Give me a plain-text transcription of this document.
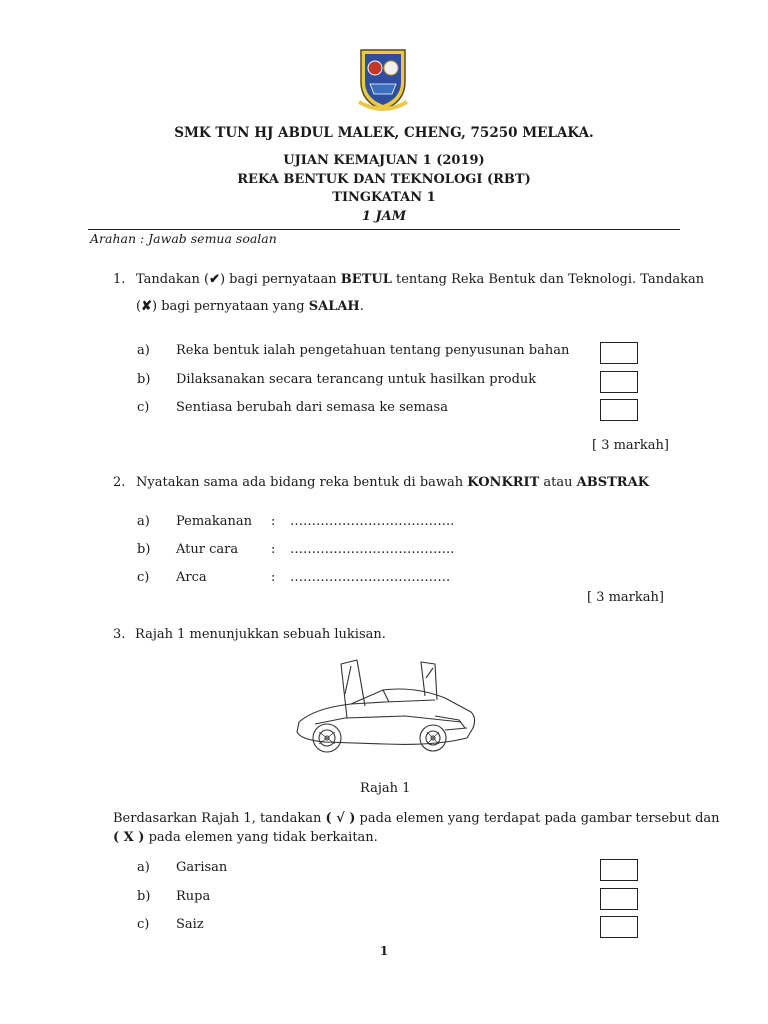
SMK TUN HJ ABDUL MALEK, CHENG, 75250 MELAKA.
UJIAN KEMAJUAN 1 (2019)
REKA BENTUK DAN TEKNOLOGI (RBT)
TINGKATAN 1
1 JAM
Arahan : Jawab semua soalan
1. Tandakan (✔) bagi pernyataan BETUL tentang Reka Bentuk dan Teknologi. Tandakan
(✘) bagi pernyataan yang SALAH.
a) Reka bentuk ialah pengetahuan tentang penyusunan bahan
b) Dilaksanakan secara terancang untuk hasilkan produk
c) Sentiasa berubah dari semasa ke semasa
[ 3 markah]
2. Nyatakan sama ada bidang reka bentuk di bawah KONKRIT atau ABSTRAK
a) Pemakanan : ………………………………..
b) Atur cara	: ………………………………..
c) Arca	: ……………………………….
[ 3 markah]
3. Rajah 1 menunjukkan sebuah lukisan.
Rajah 1
Berdasarkan Rajah 1, tandakan ( √ ) pada elemen yang terdapat pada gambar tersebut dan
( X ) pada elemen yang tidak berkaitan.
a) Garisan
b) Rupa
c) Saiz
1
